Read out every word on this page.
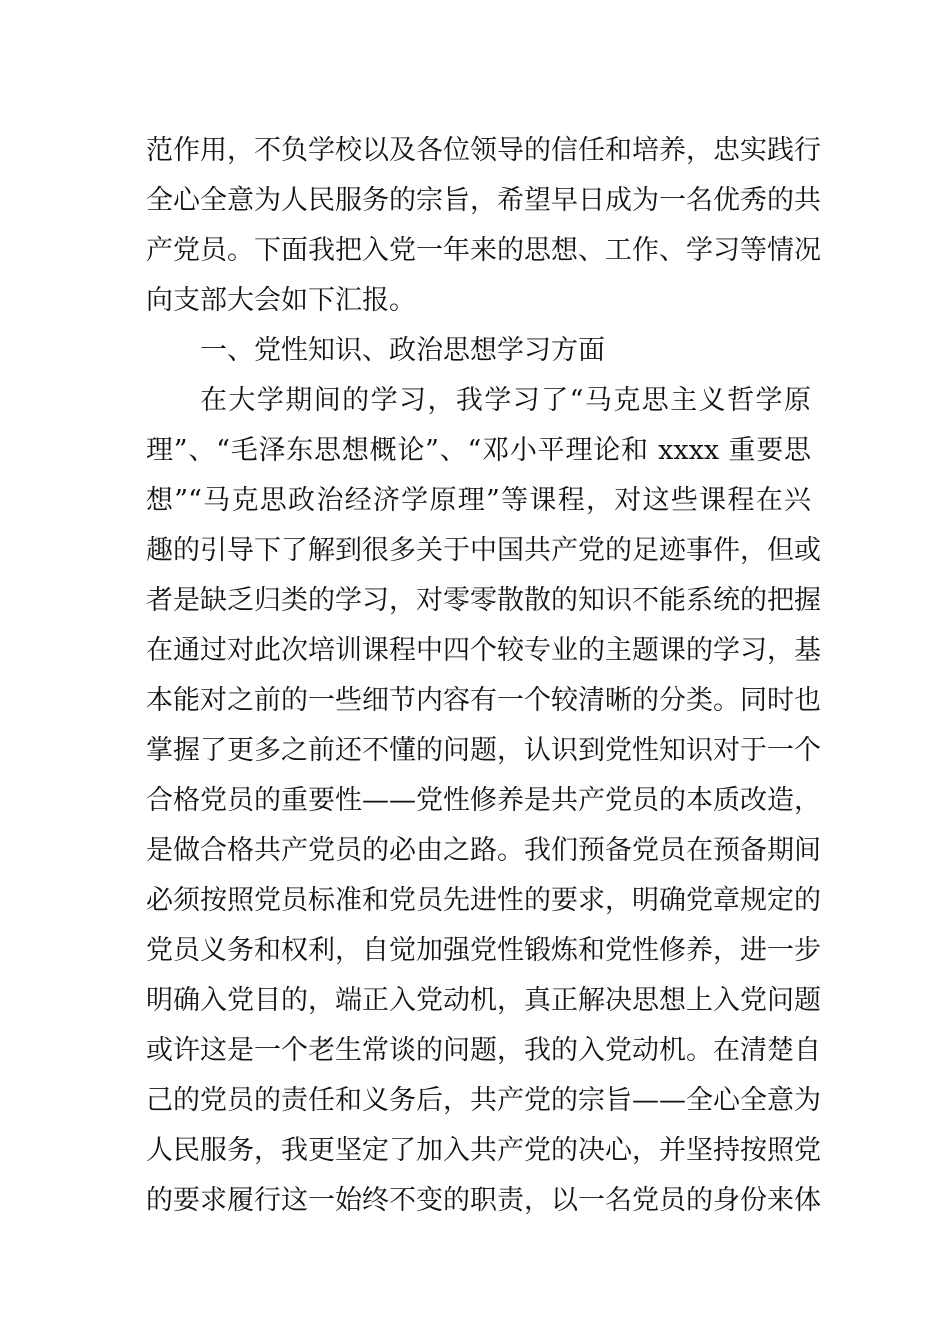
范作用，不负学校以及各位领导的信任和培养，忠实践行
全心全意为人民服务的宗旨，希望早日成为一名优秀的共
产党员。下面我把入党一年来的思想、工作、学习等情况
向支部大会如下汇报。
一、党性知识、政治思想学习方面
在大学期间的学习，我学习了“马克思主义哲学原
理”、“毛泽东思想概论”、“邓小平理论和 xxxx 重要思
想”“马克思政治经济学原理”等课程，对这些课程在兴
趣的引导下了解到很多关于中国共产党的足迹事件，但或
者是缺乏归类的学习，对零零散散的知识不能系统的把握
在通过对此次培训课程中四个较专业的主题课的学习，基
本能对之前的一些细节内容有一个较清晰的分类。同时也
掌握了更多之前还不懂的问题，认识到党性知识对于一个
合格党员的重要性——党性修养是共产党员的本质改造，
是做合格共产党员的必由之路。我们预备党员在预备期间
必须按照党员标准和党员先进性的要求，明确党章规定的
党员义务和权利，自觉加强党性锻炼和党性修养，进一步
明确入党目的，端正入党动机，真正解决思想上入党问题
或许这是一个老生常谈的问题，我的入党动机。在清楚自
己的党员的责任和义务后，共产党的宗旨——全心全意为
人民服务，我更坚定了加入共产党的决心，并坚持按照党
的要求履行这一始终不变的职责，以一名党员的身份来体
